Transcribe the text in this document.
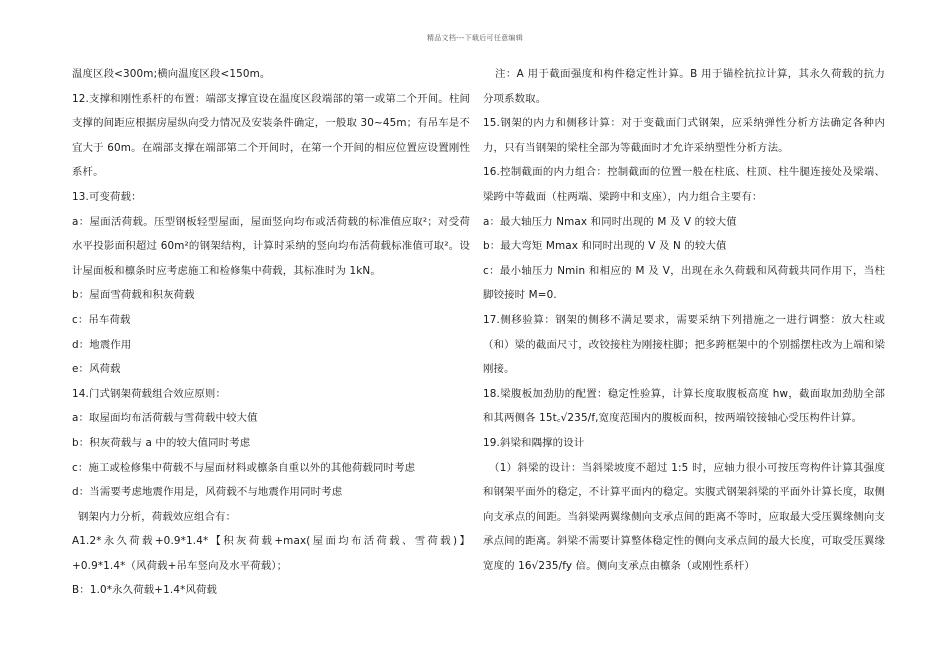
精品文档---下载后可任意编辑

温度区段<300m;横向温度区段<150m。

12.支撑和刚性系杆的布置：端部支撑宜设在温度区段端部的第一或第二个开间。柱间支撑的间距应根据房屋纵向受力情况及安装条件确定，一般取 30~45m；有吊车是不宜大于 60m。在端部支撑在端部第二个开间时，在第一个开间的相应位置应设置刚性系杆。

13.可变荷载：

a：屋面活荷载。压型钢板轻型屋面，屋面竖向均布或活荷载的标准值应取²；对受荷水平投影面积超过 60m²的钢架结构，计算时采纳的竖向均布活荷载标准值可取²。设计屋面板和檩条时应考虑施工和检修集中荷载，其标准时为 1kN。

b：屋面雪荷载和积灰荷载

c：吊车荷载

d：地震作用

e：风荷载

14.门式钢架荷载组合效应原则：

a：取屋面均布活荷载与雪荷载中较大值

b：积灰荷载与 a 中的较大值同时考虑

c：施工或检修集中荷载不与屋面材料或檩条自重以外的其他荷载同时考虑

d：当需要考虑地震作用是，风荷载不与地震作用同时考虑

钢架内力分析，荷载效应组合有：

A1.2*永久荷载+0.9*1.4*【积灰荷载+max(屋面均布活荷载、雪荷载)】+0.9*1.4*（风荷载+吊车竖向及水平荷载）；

B：1.0*永久荷载+1.4*风荷载

注：A 用于截面强度和构件稳定性计算。B 用于锚栓抗拉计算，其永久荷载的抗力分项系数取。

15.钢架的内力和侧移计算：对于变截面门式钢架，应采纳弹性分析方法确定各种内力，只有当钢架的梁柱全部为等截面时才允许采纳塑性分析方法。

16.控制截面的内力组合：控制截面的位置一般在柱底、柱顶、柱牛腿连接处及梁端、梁跨中等截面（柱两端、梁跨中和支座），内力组合主要有：

a：最大轴压力 Nmax 和同时出现的 M 及 V 的较大值

b：最大弯矩 Mmax 和同时出现的 V 及 N 的较大值

c：最小轴压力 Nmin 和相应的 M 及 V，出现在永久荷载和风荷载共同作用下，当柱脚铰接时 M=0.

17.侧移验算：钢架的侧移不满足要求，需要采纳下列措施之一进行调整：放大柱或（和）梁的截面尺寸，改铰接柱为刚接柱脚；把多跨框架中的个别摇摆柱改为上端和梁刚接。

18.梁腹板加劲肋的配置：稳定性验算，计算长度取腹板高度 hw，截面取加劲肋全部和其两侧各 15t꜀√235/f,宽度范围内的腹板面积，按两端铰接轴心受压构件计算。

19.斜梁和隅撑的设计

（1）斜梁的设计：当斜梁坡度不超过 1:5 时，应轴力很小可按压弯构件计算其强度和钢架平面外的稳定，不计算平面内的稳定。实腹式钢架斜梁的平面外计算长度，取侧向支承点的间距。当斜梁两翼缘侧向支承点间的距离不等时，应取最大受压翼缘侧向支承点间的距离。斜梁不需要计算整体稳定性的侧向支承点间的最大长度，可取受压翼缘宽度的 16√235/fy 倍。侧向支承点由檩条（或刚性系杆）
